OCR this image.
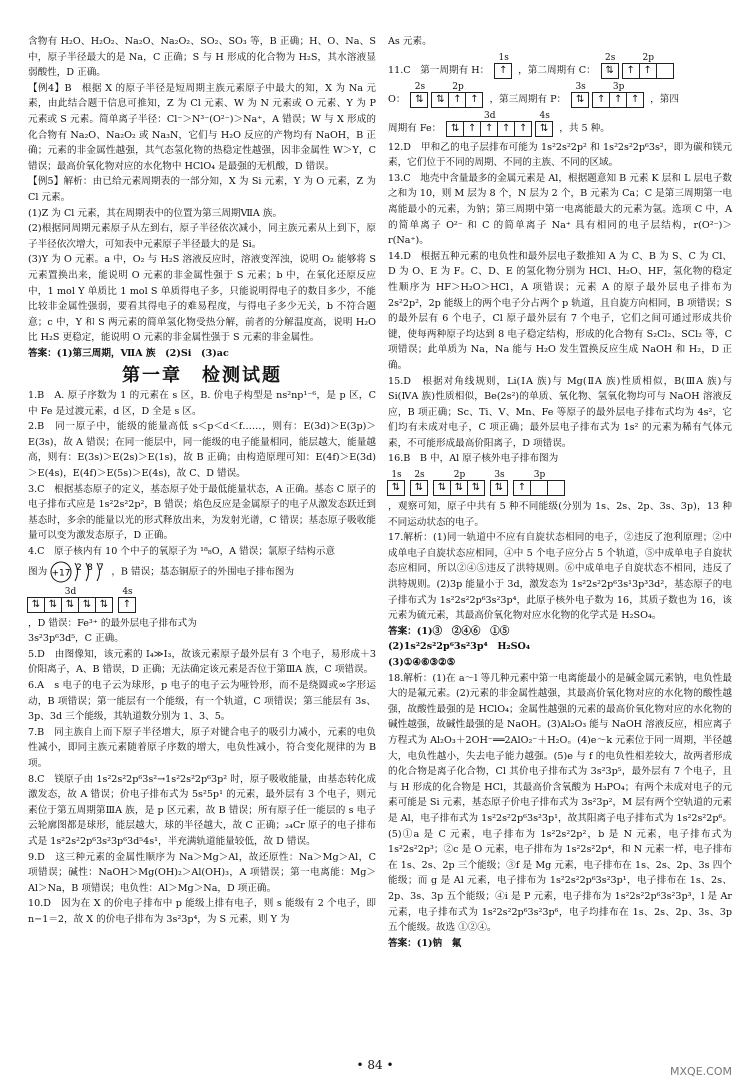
含物有 H₂O、H₂O₂、Na₂O、Na₂O₂、SO₂、SO₃ 等，B 正确；H、O、Na、S 中，原子半径最大的是 Na，C 正确；S 与 H 形成的化合物为 H₂S，其水溶液显弱酸性，D 正确。

【例4】B　根据 X 的原子半径是短周期主族元素原子中最大的知，X 为 Na 元素，由此结合题干信息可推知，Z 为 Cl 元素、W 为 N 元素或 O 元素、Y 为 P 元素或 S 元素。简单离子半径：Cl⁻＞N³⁻(O²⁻)＞Na⁺，A 错误；W 与 X 形成的化合物有 Na₂O、Na₂O₂ 或 Na₃N，它们与 H₂O 反应的产物均有 NaOH，B 正确；元素的非金属性越强，其气态氢化物的热稳定性越强，因非金属性 W＞Y，C 错误；最高价氧化物对应的水化物中 HClO₄ 是最强的无机酸，D 错误。

【例5】解析：由已给元素周期表的一部分知，X 为 Si 元素，Y 为 O 元素，Z 为 Cl 元素。

(1)Z 为 Cl 元素，其在周期表中的位置为第三周期ⅦA 族。

(2)根据同周期元素原子从左到右，原子半径依次减小，同主族元素从上到下，原子半径依次增大，可知表中元素原子半径最大的是 Si。

(3)Y 为 O 元素。a 中，O₂ 与 H₂S 溶液反应时，溶液变浑浊，说明 O₂ 能够将 S 元素置换出来，能说明 O 元素的非金属性强于 S 元素；b 中，在氧化还原反应中，1 mol Y 单质比 1 mol S 单质得电子多，只能说明得电子的数目多少，不能比较非金属性强弱，要看其得电子的难易程度，与得电子多少无关，b 不符合题意；c 中，Y 和 S 两元素的简单氢化物受热分解，前者的分解温度高，说明 H₂O 比 H₂S 更稳定，能说明 O 元素的非金属性强于 S 元素的非金属性。

答案：(1)第三周期，ⅦA 族　(2)Si　(3)ac

第一章　检测试题

1.B　A. 原子序数为 1 的元素在 s 区，B. 价电子构型是 ns²np¹⁻⁶，是 p 区，C 中 Fe 是过渡元素，d 区，D 全是 s 区。

2.B　同一原子中，能级的能量高低 s＜p＜d＜f……，则有：E(3d)＞E(3p)＞E(3s)，故 A 错误；在同一能层中，同一能级的电子能量相同，能层越大，能量越高，则有：E(3s)＞E(2s)＞E(1s)，故 B 正确；由构造原理可知：E(4f)＞E(3d)＞E(4s)，E(4f)＞E(5s)＞E(4s)，故 C、D 错误。

3.C　根据基态原子的定义，基态原子处于最低能量状态，A 正确。基态 C 原子的电子排布式应是 1s²2s²2p²，B 错误；焰色反应是金属原子的电子从激发态跃迁到基态时，多余的能量以光的形式释放出来，为发射光谱，C 错误；基态原子吸收能量可以变为激发态原子，D 正确。

4.C　原子核内有 10 个中子的氧原子为 ¹⁸₈O，A 错误；氯原子结构示意
图为 +17
2 8 7 ，B 错误；基态铜原子的外围电子排布图为

3d
⇅ ⇅ ⇅ ⇅ ⇅
4s
↑

，D 错误：Fe³⁺ 的最外层电子排布式为
3s²3p⁶3d⁵，C 正确。

5.D　由图像知，该元素的 I₄≫I₃，故该元素原子最外层有 3 个电子，易形成＋3 价阳离子，A、B 错误，D 正确；无法确定该元素是否位于第ⅢA 族，C 项错误。

6.A　s 电子的电子云为球形，p 电子的电子云为哑铃形，而不是绕圆或∞字形运动，B 项错误；第一能层有一个能级，有一个轨道，C 项错误；第三能层有 3s、3p、3d 三个能级，其轨道数分别为 1、3、5。

7.B　同主族自上而下原子半径增大，原子对键合电子的吸引力减小，元素的电负性减小，即同主族元素随着原子序数的增大，电负性减小，符合变化规律的为 B 项。

8.C　镁原子由 1s²2s²2p⁶3s²→1s²2s²2p⁶3p² 时，原子吸收能量，由基态转化成激发态，故 A 错误；价电子排布式为 5s²5p¹ 的元素，最外层有 3 个电子，则元素位于第五周期第ⅢA 族，是 p 区元素，故 B 错误；所有原子任一能层的 s 电子云轮廓图都是球形，能层越大，球的半径越大，故 C 正确；₂₄Cr 原子的电子排布式是 1s²2s²2p⁶3s²3p⁶3d⁵4s¹，半充满轨道能量较低，故 D 错误。

9.D　这三种元素的金属性顺序为 Na＞Mg＞Al，故还原性：Na＞Mg＞Al，C 项错误；碱性：NaOH＞Mg(OH)₂＞Al(OH)₃，A 项错误；第一电离能：Mg＞Al＞Na，B 项错误；电负性：Al＞Mg＞Na，D 项正确。

10.D　因为在 X 的价电子排布中 p 能级上排有电子，则 s 能级有 2 个电子，即 n−1＝2，故 X 的价电子排布为 3s²3p⁴，为 S 元素，则 Y 为

As 元素。

11.C　第一周期有 H：
1s
↑	，第二周期有 C：
2s
⇅
2p
↑ ↑
O：
2s
⇅
2p
⇅ ↑ ↑	，第三周期有 P：
3s
⇅
3p
↑ ↑ ↑	，第四
周期有 Fe：
3d
⇅ ↑ ↑ ↑ ↑
4s
⇅	，共 5 种。

12.D　甲和乙的电子层排布可能为 1s²2s²2p² 和 1s²2s²2p⁶3s²，即为碳和镁元素，它们位于不同的周期、不同的主族、不同的区域。

13.C　地壳中含量最多的金属元素是 Al，根据题意知 B 元素 K 层和 L 层电子数之和为 10，则 M 层为 8 个，N 层为 2 个，B 元素为 Ca；C 是第三周期第一电离能最小的元素，为钠；第三周期中第一电离能最大的元素为氩。选项 C 中，A 的简单离子 O²⁻ 和 C 的简单离子 Na⁺ 具有相同的电子层结构，r(O²⁻)＞r(Na⁺)。

14.D　根据五种元素的电负性和最外层电子数推知 A 为 C、B 为 S、C 为 Cl、D 为 O、E 为 F。C、D、E 的氢化物分别为 HCl、H₂O、HF，氢化物的稳定性顺序为 HF＞H₂O＞HCl，A 项错误；元素 A 的原子最外层电子排布为 2s²2p²，2p 能级上的两个电子分占两个 p 轨道，且自旋方向相同，B 项错误；S 的最外层有 6 个电子，Cl 原子最外层有 7 个电子，它们之间可通过形成共价键，使每两种原子均达到 8 电子稳定结构，形成的化合物有 S₂Cl₂、SCl₂ 等，C 项错误；此单质为 Na，Na 能与 H₂O 发生置换反应生成 NaOH 和 H₂，D 正确。

15.D　根据对角线规则，Li(ⅠA 族)与 Mg(ⅡA 族)性质相似，B(ⅢA 族)与 Si(ⅣA 族)性质相似，Be(2s²)的单质、氧化物、氢氧化物均可与 NaOH 溶液反应，B 项正确；Sc、Ti、V、Mn、Fe 等原子的最外层电子排布式均为 4s²，它们均有未成对电子，C 项正确；最外层电子排布式为 1s² 的元素为稀有气体元素，不可能形成最高价阳离子，D 项错误。

16.B　B 中，Al 原子核外电子排布图为

1s
⇅
2s
⇅
2p
⇅ ⇅ ⇅
3s
⇅
3p
↑

，观察可知，原子中共有 5 种不同能级(分别为 1s、2s、2p、3s、3p)，13 种不同运动状态的电子。

17.解析：(1)同一轨道中不应有自旋状态相同的电子，②违反了泡利原理；②中成单电子自旋状态应相同，④中 5 个电子应分占 5 个轨道，⑤中成单电子自旋状态应相同，所以②④⑤违反了洪特规则。⑥中成单电子自旋状态不相同，违反了洪特规则。(2)3p 能量小于 3d，激发态为 1s²2s²2p⁶3s¹3p³3d²，基态原子的电子排布式为 1s²2s²2p⁶3s²3p⁴，此原子核外电子数为 16，其质子数也为 16，该元素为硫元素，其最高价氧化物对应水化物的化学式是 H₂SO₄。

答案：(1)③　②④⑥　①⑤

(2)1s²2s²2p⁶3s²3p⁴　H₂SO₄

(3)①④⑥③②⑤

18.解析：(1)在 a～l 等几种元素中第一电离能最小的是碱金属元素钠，电负性最大的是氟元素。(2)元素的非金属性越强，其最高价氧化物对应的水化物的酸性越强，故酸性最强的是 HClO₄；金属性越强的元素的最高价氧化物对应的水化物的碱性越强，故碱性最强的是 NaOH。(3)Al₂O₃ 能与 NaOH 溶液反应，相应离子方程式为 Al₂O₃＋2OH⁻══2AlO₂⁻＋H₂O。(4)e～k 元素位于同一周期，半径越大，电负性越小，失去电子能力越强。(5)e 与 f 的电负性相差较大，故两者形成的化合物是离子化合物，Cl 其价电子排布式为 3s²3p⁵，最外层有 7 个电子，且与 H 形成的化合物是 HCl，其最高价含氧酸为 H₃PO₄；有两个未成对电子的元素可能是 Si 元素，基态原子价电子排布式为 3s²3p²，M 层有两个空轨道的元素是 Al，电子排布式为 1s²2s²2p⁶3s²3p¹，故其阳离子电子排布式为 1s²2s²2p⁶。(5)①a 是 C 元素，电子排布为 1s²2s²2p²，b 是 N 元素，电子排布式为 1s²2s²2p³；②c 是 O 元素，电子排布为 1s²2s²2p⁴，和 N 元素一样，电子排布在 1s、2s、2p 三个能级；③f 是 Mg 元素，电子排布在 1s、2s、2p、3s 四个能级；而 g 是 Al 元素，电子排布为 1s²2s²2p⁶3s²3p¹，电子排布在 1s、2s、2p、3s、3p 五个能级；④i 是 P 元素，电子排布为 1s²2s²2p⁶3s²3p³，l 是 Ar 元素，电子排布式为 1s²2s²2p⁶3s²3p⁶，电子均排布在 1s、2s、2p、3s、3p 五个能级。故选 ①②④。

答案：(1)钠　氟

• 84 •	MXQE.COM
